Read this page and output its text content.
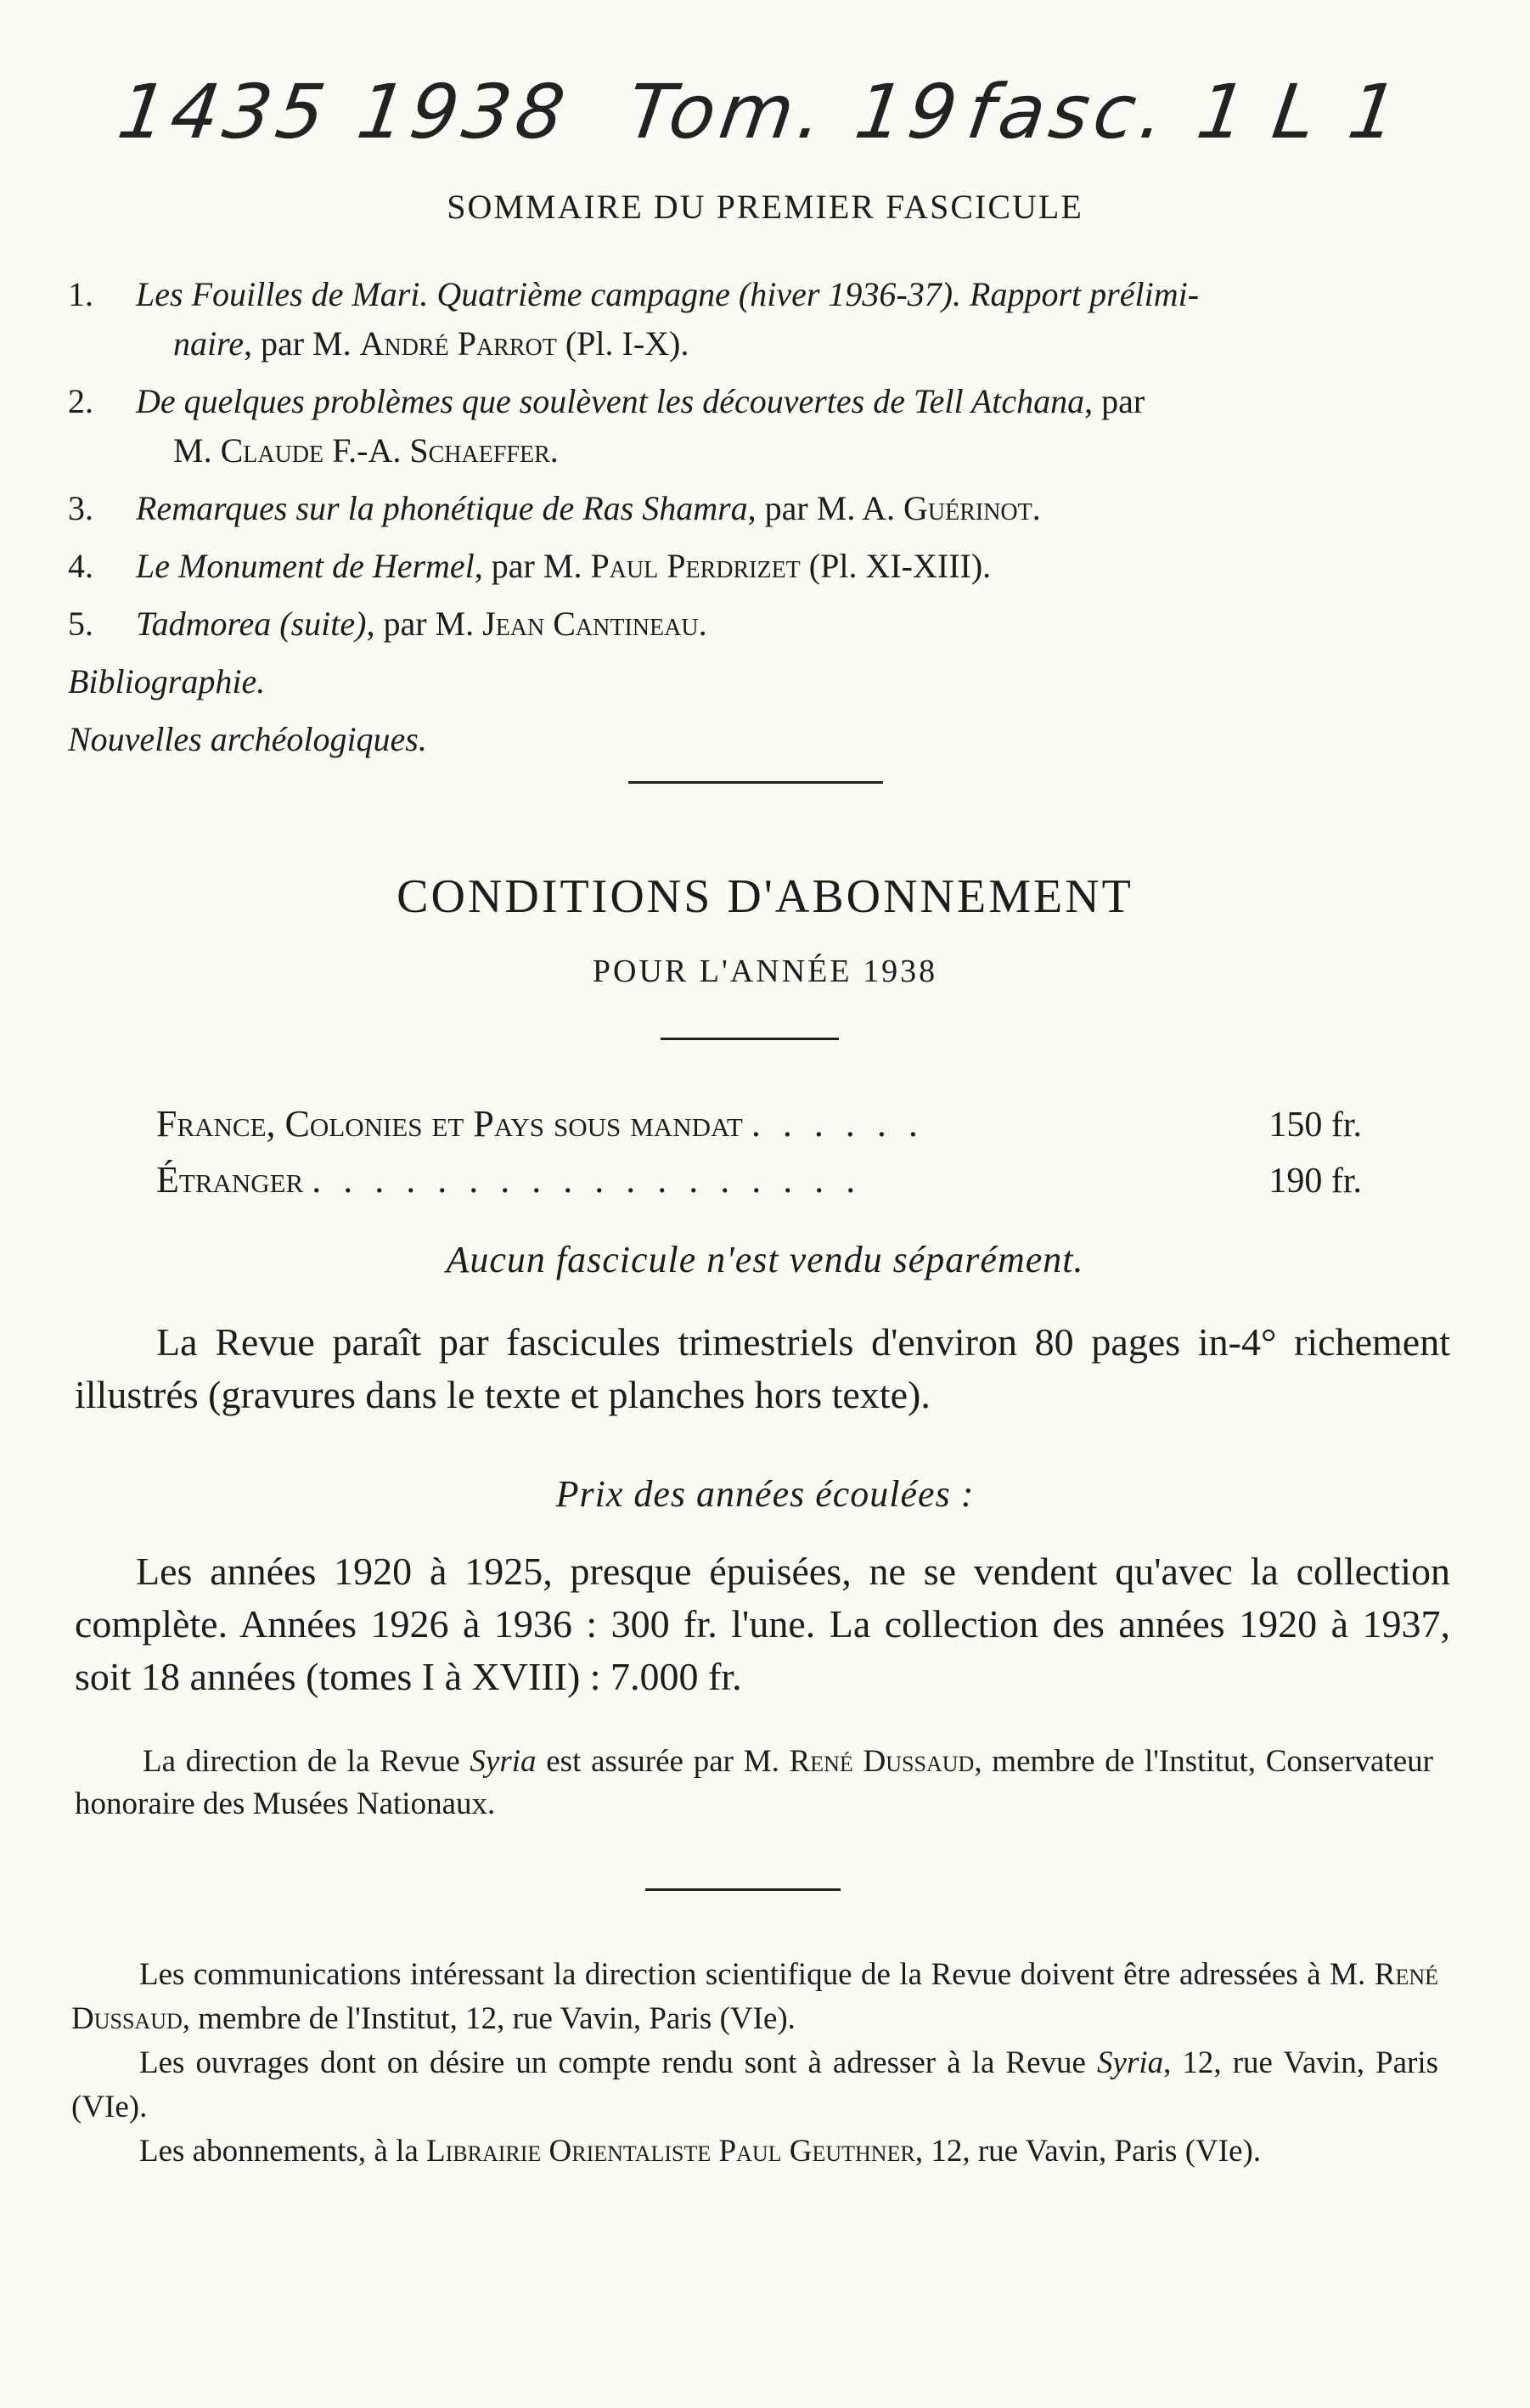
1435 1938 Tom. 19
fasc. 1 L 1
SOMMAIRE DU PREMIER FASCICULE
1. Les Fouilles de Mari. Quatrième campagne (hiver 1936-37). Rapport prélimi-
naire, par M. André Parrot (Pl. I-X).
2. De quelques problèmes que soulèvent les découvertes de Tell Atchana, par
M. Claude F.-A. Schaeffer.
3. Remarques sur la phonétique de Ras Shamra, par M. A. Guérinot.
4. Le Monument de Hermel, par M. Paul Perdrizet (Pl. XI-XIII).
5. Tadmorea (suite), par M. Jean Cantineau.
Bibliographie.
Nouvelles archéologiques.
CONDITIONS D'ABONNEMENT
POUR L'ANNÉE 1938
France, Colonies et Pays sous mandat ......	150 fr.
Étranger ..................	190 fr.
Aucun fascicule n'est vendu séparément.
La Revue paraît par fascicules trimestriels d'environ 80 pages in-4° richement illustrés (gravures dans le texte et planches hors texte).
Prix des années écoulées :
Les années 1920 à 1925, presque épuisées, ne se vendent qu'avec la collection complète. Années 1926 à 1936 : 300 fr. l'une. La collection des années 1920 à 1937, soit 18 années (tomes I à XVIII) : 7.000 fr.
La direction de la Revue Syria est assurée par M. René Dussaud, membre de l'Institut, Conservateur honoraire des Musées Nationaux.

Les communications intéressant la direction scientifique de la Revue doivent être adressées à M. René Dussaud, membre de l'Institut, 12, rue Vavin, Paris (VIe).

Les ouvrages dont on désire un compte rendu sont à adresser à la Revue Syria, 12, rue Vavin, Paris (VIe).

Les abonnements, à la Librairie Orientaliste Paul Geuthner, 12, rue Vavin, Paris (VIe).
